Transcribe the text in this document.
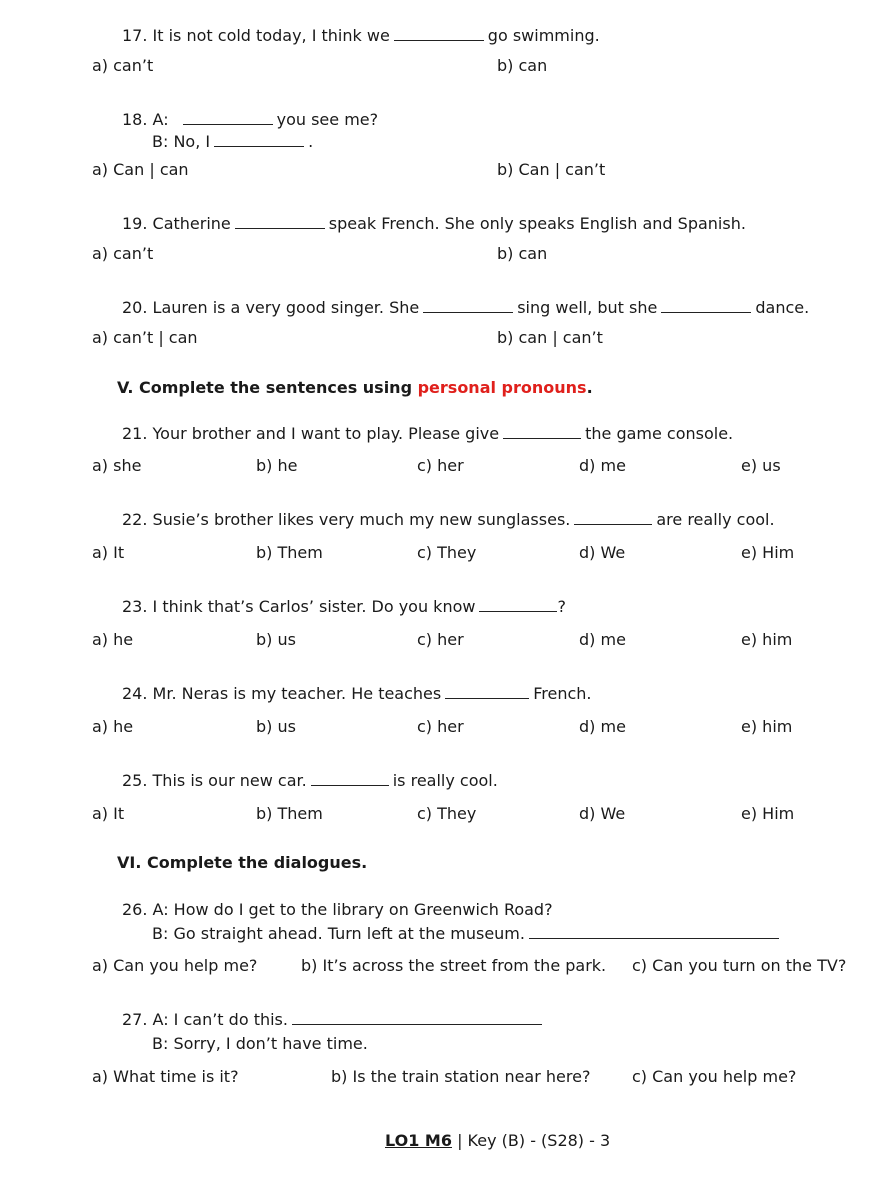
17. It is not cold today, I think we	go swimming.
a) can’t	b) can
18. A:	you see me?
B: No, I	.
a) Can | can	b) Can | can’t
19. Catherine	speak French. She only speaks English and Spanish.
a) can’t	b) can
20. Lauren is a very good singer. She	sing well, but she	dance.
a) can’t | can	b) can | can’t
V. Complete the sentences using personal pronouns.
21. Your brother and I want to play. Please give	the game console.
a) she	b) he	c) her	d) me	e) us
22. Susie’s brother likes very much my new sunglasses.	are really cool.
a) It	b) Them	c) They	d) We	e) Him
23. I think that’s Carlos’ sister. Do you know	?
a) he	b) us	c) her	d) me	e) him
24. Mr. Neras is my teacher. He teaches	French.
a) he	b) us	c) her	d) me	e) him
25. This is our new car.	is really cool.
a) It	b) Them	c) They	d) We	e) Him
VI. Complete the dialogues.
26. A: How do I get to the library on Greenwich Road?
B: Go straight ahead. Turn left at the museum.
a) Can you help me?	b) It’s across the street from the park. c) Can you turn on the TV?
27. A: I can’t do this.
B: Sorry, I don’t have time.
a) What time is it?	b) Is the train station near here?	c) Can you help me?
LO1 M6 | Key (B) - (S28) - 3
